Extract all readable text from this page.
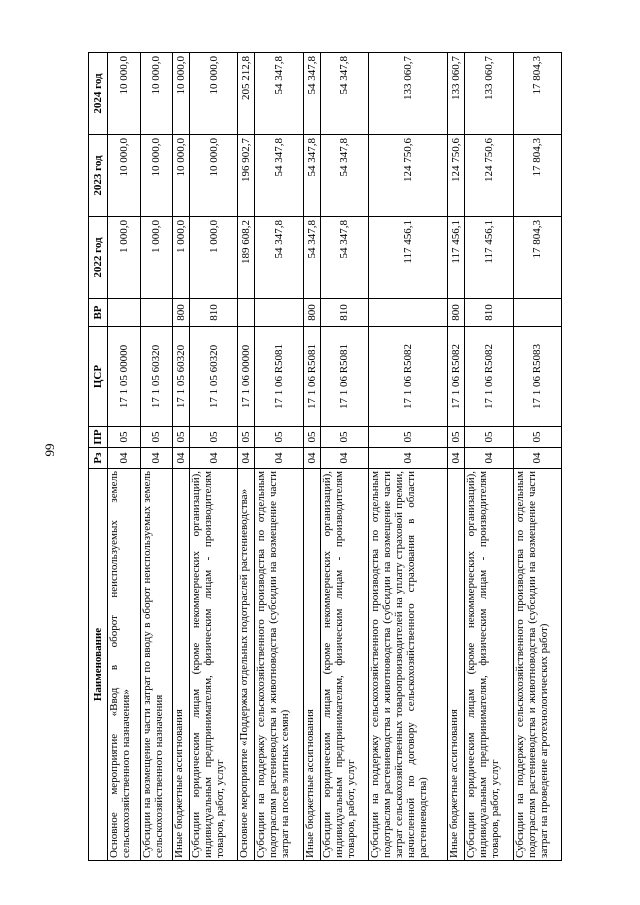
99
Наименование	Рз	ПР	ЦСР	ВР	2022 год	2023 год	2024 год
Основное мероприятие «Ввод в оборот неиспользуемых земель сельскохозяйственного назначения»	04	05	17 1 05 00000		1 000,0	10 000,0	10 000,0
Субсидии на возмещение части затрат по вводу в оборот неиспользуемых земель сельскохозяйственного назначения	04	05	17 1 05 60320		1 000,0	10 000,0	10 000,0
Иные бюджетные ассигнования	04	05	17 1 05 60320	800	1 000,0	10 000,0	10 000,0
Субсидии юридическим лицам (кроме некоммерческих организаций), индивидуальным предпринимателям, физическим лицам - производителям товаров, работ, услуг	04	05	17 1 05 60320	810	1 000,0	10 000,0	10 000,0
Основное мероприятие «Поддержка отдельных подотраслей растениеводства»	04	05	17 1 06 00000		189 608,2	196 902,7	205 212,8
Субсидии на поддержку сельскохозяйственного производства по отдельным подотраслям растениеводства и животноводства (субсидии на возмещение части затрат на посев элитных семян)	04	05	17 1 06 R5081		54 347,8	54 347,8	54 347,8
Иные бюджетные ассигнования	04	05	17 1 06 R5081	800	54 347,8	54 347,8	54 347,8
Субсидии юридическим лицам (кроме некоммерческих организаций), индивидуальным предпринимателям, физическим лицам - производителям товаров, работ, услуг	04	05	17 1 06 R5081	810	54 347,8	54 347,8	54 347,8
Субсидии на поддержку сельскохозяйственного производства по отдельным подотраслям растениеводства и животноводства (субсидии на возмещение части затрат сельскохозяйственных товаропроизводителей на уплату страховой премии, начисленной по договору сельскохозяйственного страхования в области растениеводства)	04	05	17 1 06 R5082		117 456,1	124 750,6	133 060,7
Иные бюджетные ассигнования	04	05	17 1 06 R5082	800	117 456,1	124 750,6	133 060,7
Субсидии юридическим лицам (кроме некоммерческих организаций), индивидуальным предпринимателям, физическим лицам - производителям товаров, работ, услуг	04	05	17 1 06 R5082	810	117 456,1	124 750,6	133 060,7
Субсидии на поддержку сельскохозяйственного производства по отдельным подотраслям растениеводства и животноводства (субсидии на возмещение части затрат на проведение агротехнологических работ)	04	05	17 1 06 R5083		17 804,3	17 804,3	17 804,3
